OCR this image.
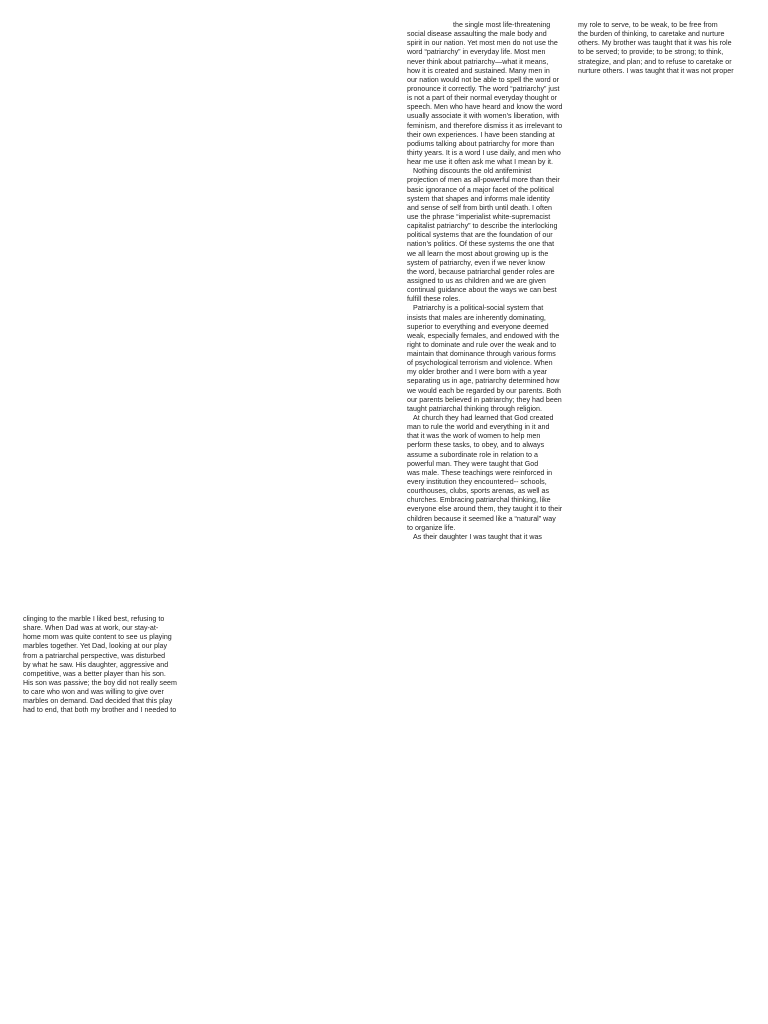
the single most life-threatening
social disease assaulting the male body and
spirit in our nation. Yet most men do not use the
word “patriarchy” in everyday life. Most men
never think about patriarchy—what it means,
how it is created and sustained. Many men in
our nation would not be able to spell the word or
pronounce it correctly. The word “patriarchy” just
is not a part of their normal everyday thought or
speech. Men who have heard and know the word
usually associate it with women’s liberation, with
feminism, and therefore dismiss it as irrelevant to
their own experiences. I have been standing at
podiums talking about patriarchy for more than
thirty years. It is a word I use daily, and men who
hear me use it often ask me what I mean by it.
Nothing discounts the old antifeminist
projection of men as all-powerful more than their
basic ignorance of a major facet of the political
system that shapes and informs male identity
and sense of self from birth until death. I often
use the phrase “imperialist white-supremacist
capitalist patriarchy” to describe the interlocking
political systems that are the foundation of our
nation’s politics. Of these systems the one that
we all learn the most about growing up is the
system of patriarchy, even if we never know
the word, because patriarchal gender roles are
assigned to us as children and we are given
continual guidance about the ways we can best
fulfill these roles.
Patriarchy is a political-social system that
insists that males are inherently dominating,
superior to everything and everyone deemed
weak, especially females, and endowed with the
right to dominate and rule over the weak and to
maintain that dominance through various forms
of psychological terrorism and violence. When
my older brother and I were born with a year
separating us in age, patriarchy determined how
we would each be regarded by our parents. Both
our parents believed in patriarchy; they had been
taught patriarchal thinking through religion.
At church they had learned that God created
man to rule the world and everything in it and
that it was the work of women to help men
perform these tasks, to obey, and to always
assume a subordinate role in relation to a
powerful man. They were taught that God
was male. These teachings were reinforced in
every institution they encountered-- schools,
courthouses, clubs, sports arenas, as well as
churches. Embracing patriarchal thinking, like
everyone else around them, they taught it to their
children because it seemed like a “natural” way
to organize life.
As their daughter I was taught that it was
my role to serve, to be weak, to be free from
the burden of thinking, to caretake and nurture
others. My brother was taught that it was his role
to be served; to provide; to be strong; to think,
strategize, and plan; and to refuse to caretake or
nurture others. I was taught that it was not proper
clinging to the marble I liked best, refusing to
share. When Dad was at work, our stay-at-
home mom was quite content to see us playing
marbles together. Yet Dad, looking at our play
from a patriarchal perspective, was disturbed
by what he saw. His daughter, aggressive and
competitive, was a better player than his son.
His son was passive; the boy did not really seem
to care who won and was willing to give over
marbles on demand. Dad decided that this play
had to end, that both my brother and I needed to
